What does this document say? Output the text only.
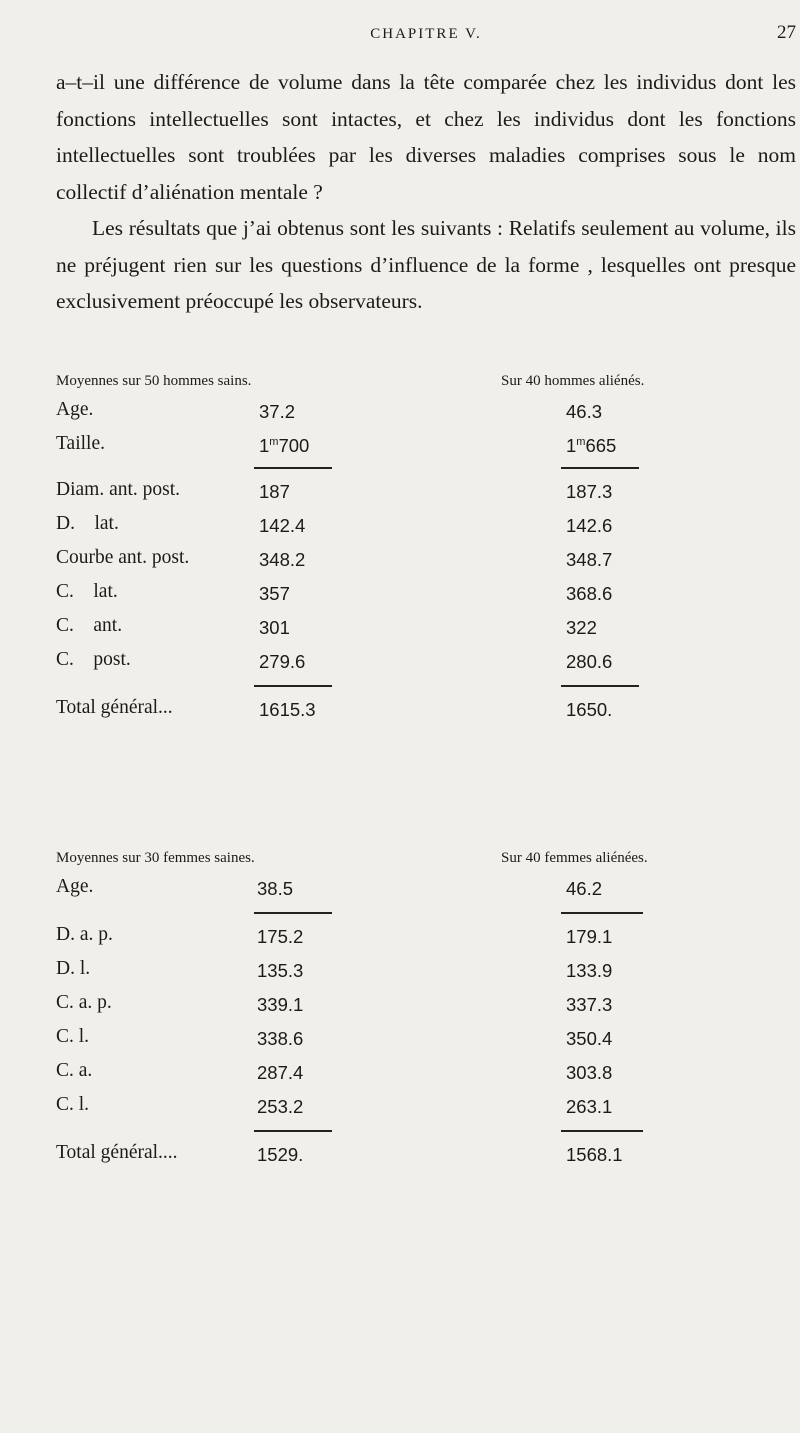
CHAPITRE V.	27

a–t–il une différence de volume dans la tête comparée chez les individus dont les fonctions intellectuelles sont intactes, et chez les individus dont les fonctions intellectuelles sont troublées par les diverses maladies comprises sous le nom collectif d’aliénation mentale ?

Les résultats que j’ai obtenus sont les suivants : Relatifs seulement au volume, ils ne préjugent rien sur les questions d’influence de la forme , lesquelles ont presque exclusivement préoccupé les observateurs.

Moyennes sur 50 hommes sains.	Sur 40 hommes aliénés.
Age.	37.2	46.3
Taille.	1$^m$700	1$^m$665
Diam. ant. post.	187	187.3
D.    lat.	142.4	142.6
Courbe ant. post.	348.2	348.7
C.    lat.	357	368.6
C.    ant.	301	322
C.    post.	279.6	280.6
Total général...	1615.3	1650.
Moyennes sur 30 femmes saines.	Sur 40 femmes aliénées.
Age.	38.5	46.2
D. a. p.	175.2	179.1
D. l.	135.3	133.9
C. a. p.	339.1	337.3
C. l.	338.6	350.4
C. a.	287.4	303.8
C. l.	253.2	263.1
Total général....	1529.	1568.1
